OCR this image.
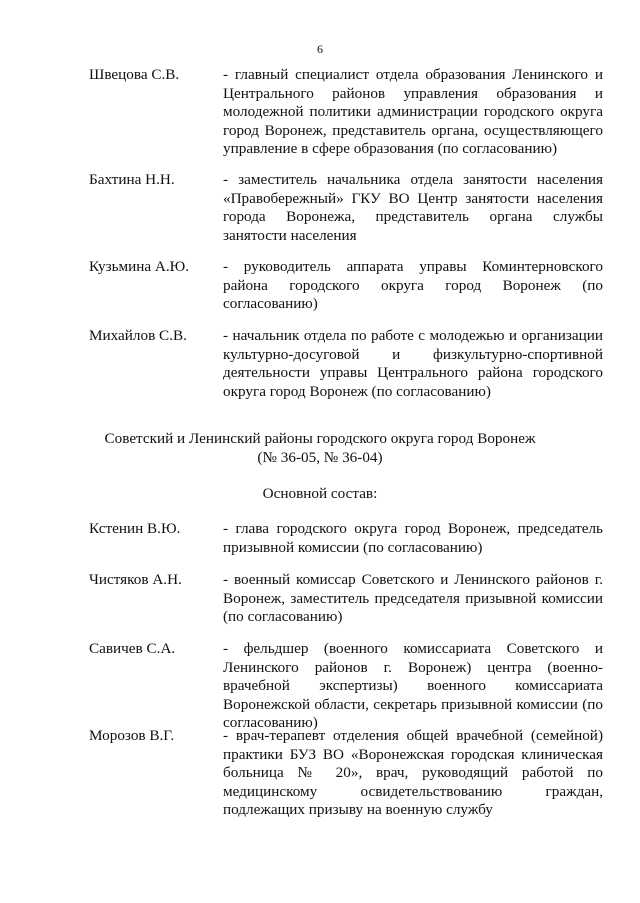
6
Швецова С.В.	- главный специалист отдела образования Ленинского и Центрального районов управления образования и молодежной политики администрации городского округа город Воронеж, представитель органа, осуществляющего управление в сфере образования (по согласованию)
Бахтина Н.Н.	- заместитель начальника отдела занятости населения «Правобережный» ГКУ ВО Центр занятости населения города Воронежа, представитель органа службы занятости населения
Кузьмина А.Ю. - руководитель аппарата управы Коминтерновского района городского округа город Воронеж (по согласованию)
Михайлов С.В. - начальник отдела по работе с молодежью и организации культурно-досуговой и физкультурно-спортивной деятельности управы Центрального района городского округа город Воронеж (по согласованию)
Советский и Ленинский районы городского округа город Воронеж
(№ 36-05, № 36-04)
Основной состав:
Кстенин В.Ю.	- глава городского округа город Воронеж, председатель призывной комиссии (по согласованию)
Чистяков А.Н.	- военный комиссар Советского и Ленинского районов г. Воронеж, заместитель председателя призывной комиссии (по согласованию)
Савичев С.А.	- фельдшер (военного комиссариата Советского и Ленинского районов г. Воронеж) центра (военно-врачебной экспертизы) военного комиссариата Воронежской области, секретарь призывной комиссии (по согласованию)
Морозов В.Г.	- врач-терапевт отделения общей врачебной (семейной) практики БУЗ ВО «Воронежская городская клиническая больница № 20», врач, руководящий работой по медицинскому освидетельствованию граждан, подлежащих призыву на военную службу
